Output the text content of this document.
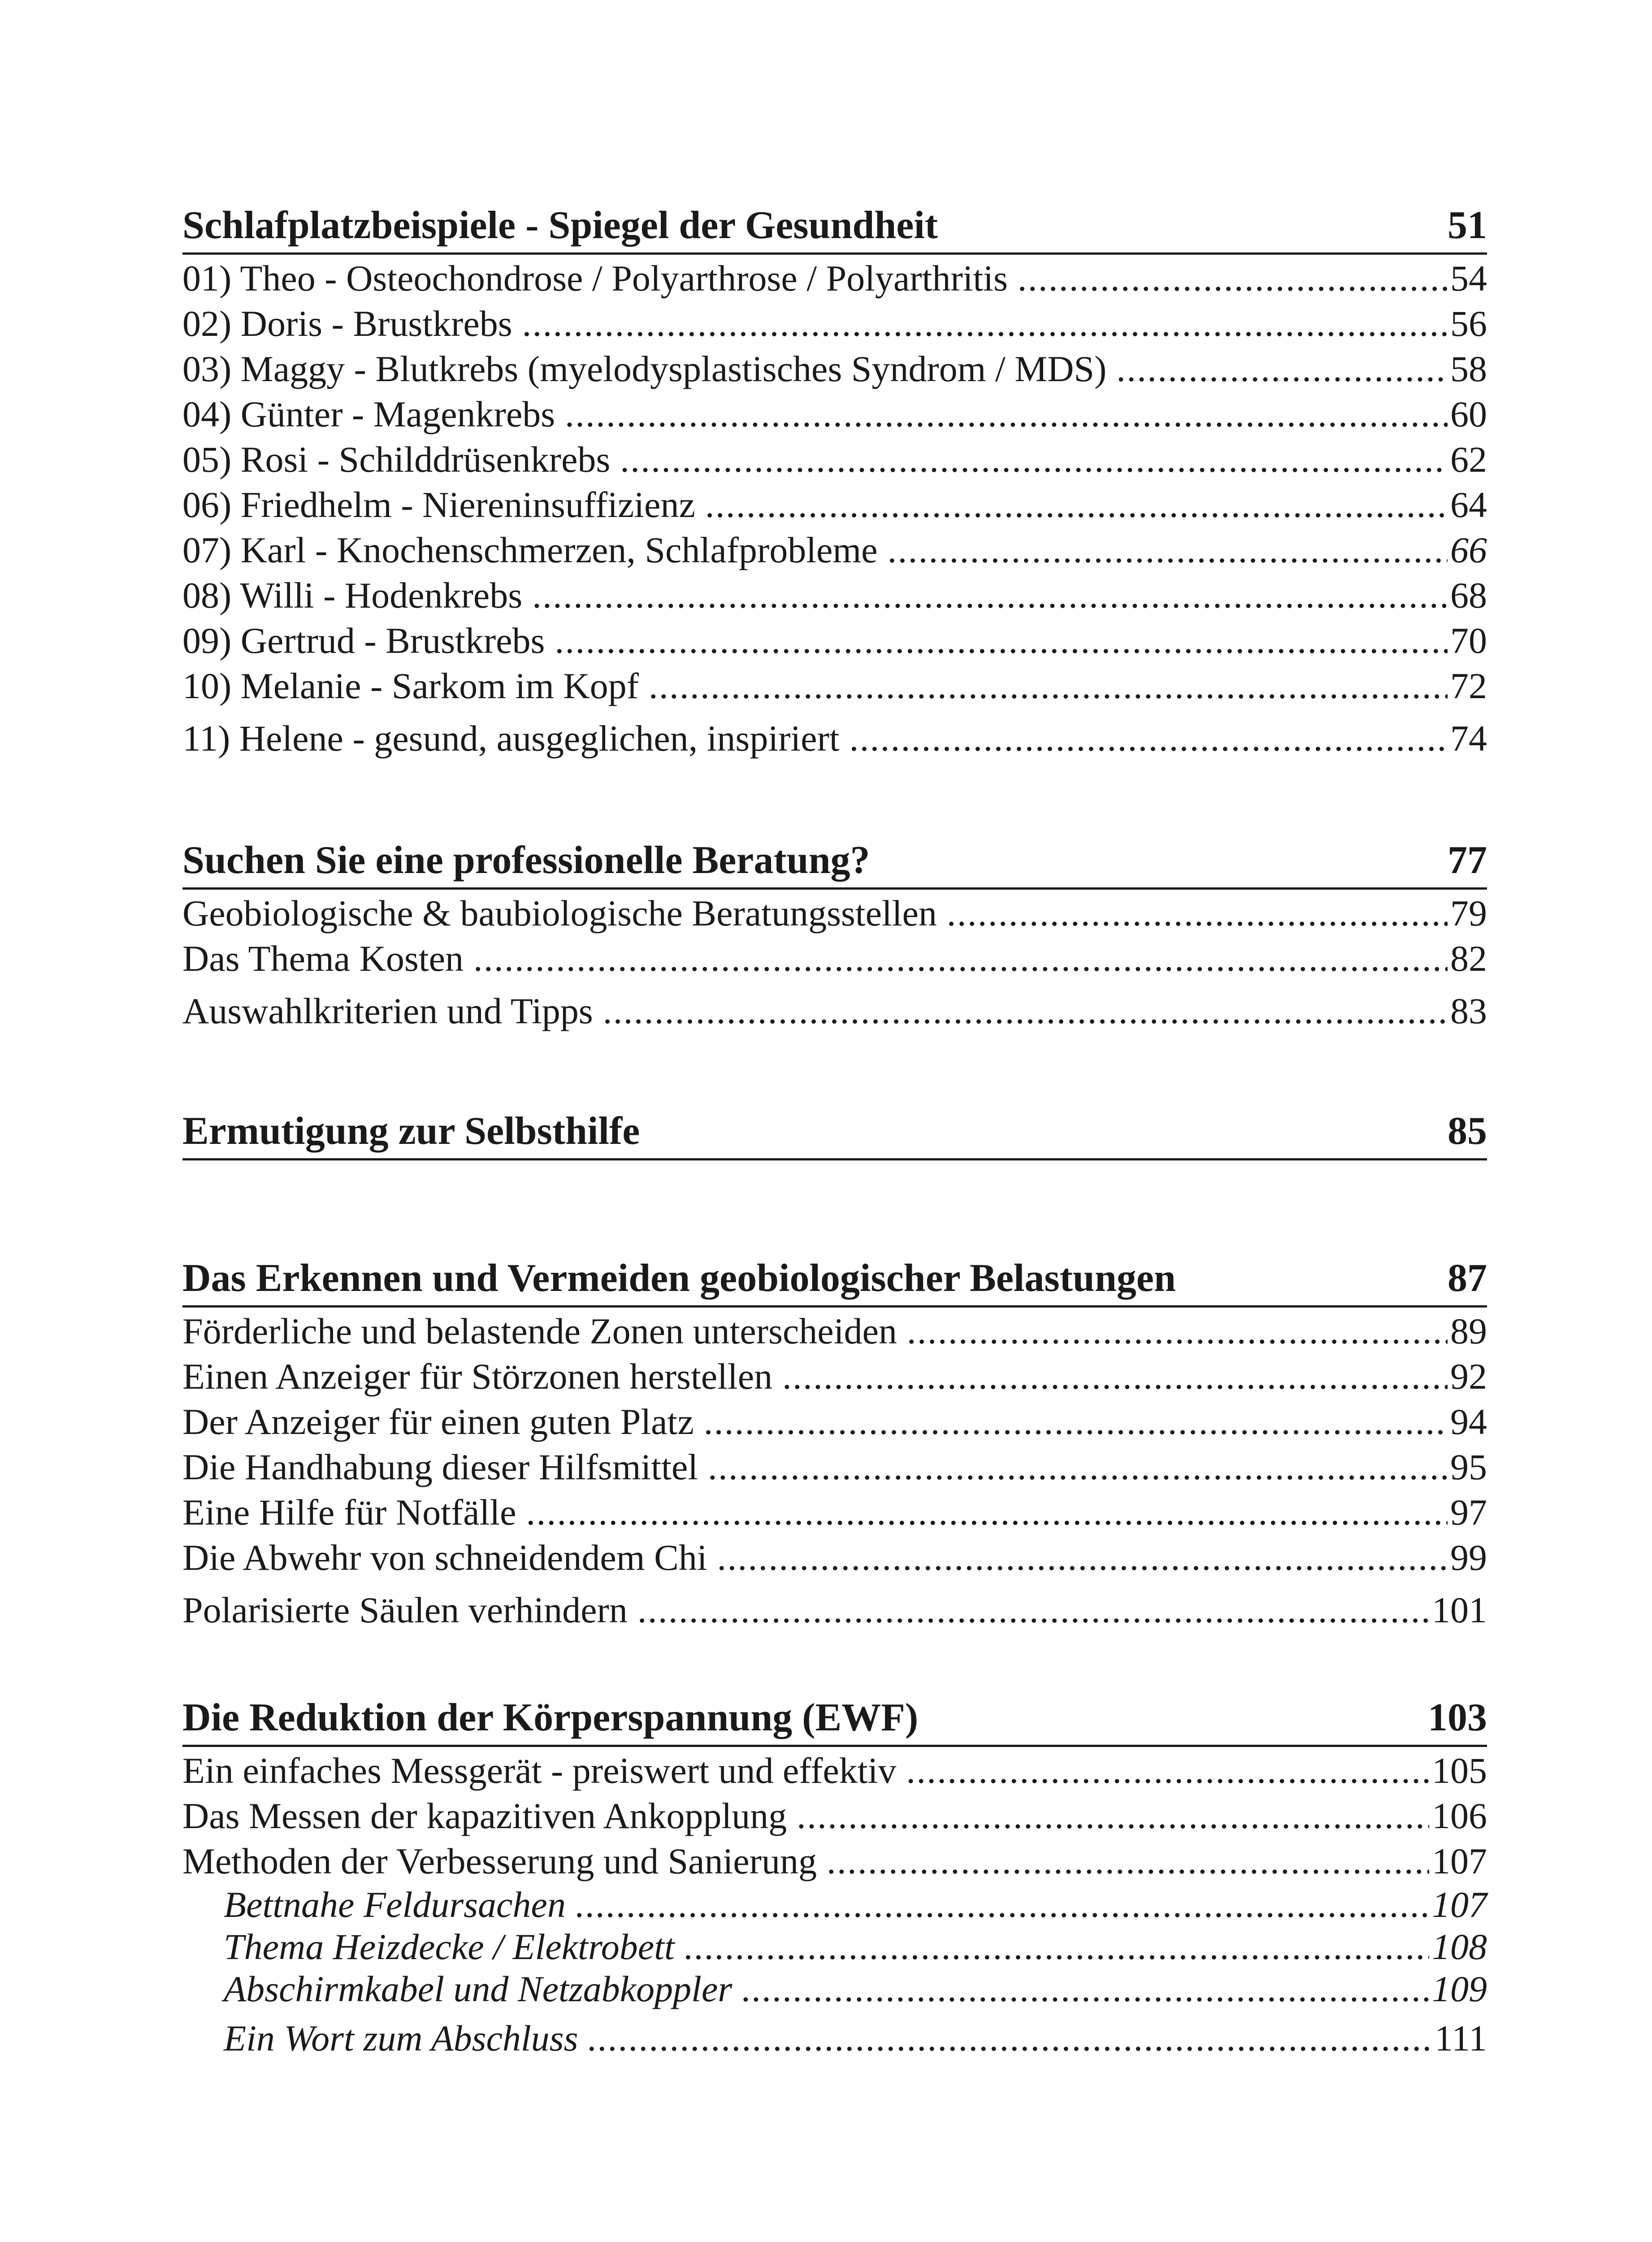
Schlafplatzbeispiele - Spiegel der Gesundheit	51
01) Theo - Osteochondrose / Polyarthrose / Polyarthritis . . .	54
02) Doris - Brustkrebs . . .	56
03) Maggy - Blutkrebs (myelodysplastisches Syndrom / MDS) . . .	58
04) Günter - Magenkrebs . . .	60
05) Rosi - Schilddrüsenkrebs . . .	62
06) Friedhelm - Niereninsuffizienz . . .	64
07) Karl - Knochenschmerzen, Schlafprobleme . . .	66
08) Willi - Hodenkrebs . . .	68
09) Gertrud - Brustkrebs . . .	70
10) Melanie - Sarkom im Kopf . . .	72
11) Helene - gesund, ausgeglichen, inspiriert . . .	74
Suchen Sie eine professionelle Beratung?	77
Geobiologische & baubiologische Beratungsstellen . . .	79
Das Thema Kosten . . .	82
Auswahlkriterien und Tipps . . .	83
Ermutigung zur Selbsthilfe	85
Das Erkennen und Vermeiden geobiologischer Belastungen	87
Förderliche und belastende Zonen unterscheiden . . .	89
Einen Anzeiger für Störzonen herstellen . . .	92
Der Anzeiger für einen guten Platz . . .	94
Die Handhabung dieser Hilfsmittel . . .	95
Eine Hilfe für Notfälle . . .	97
Die Abwehr von schneidendem Chi . . .	99
Polarisierte Säulen verhindern . . .	101
Die Reduktion der Körperspannung (EWF)	103
Ein einfaches Messgerät - preiswert und effektiv . . .	105
Das Messen der kapazitiven Ankopplung . . .	106
Methoden der Verbesserung und Sanierung . . .	107
Bettnahe Feldursachen . . .	107
Thema Heizdecke / Elektrobett . . .	108
Abschirmkabel und Netzabkoppler . . .	109
Ein Wort zum Abschluss . . .	111
